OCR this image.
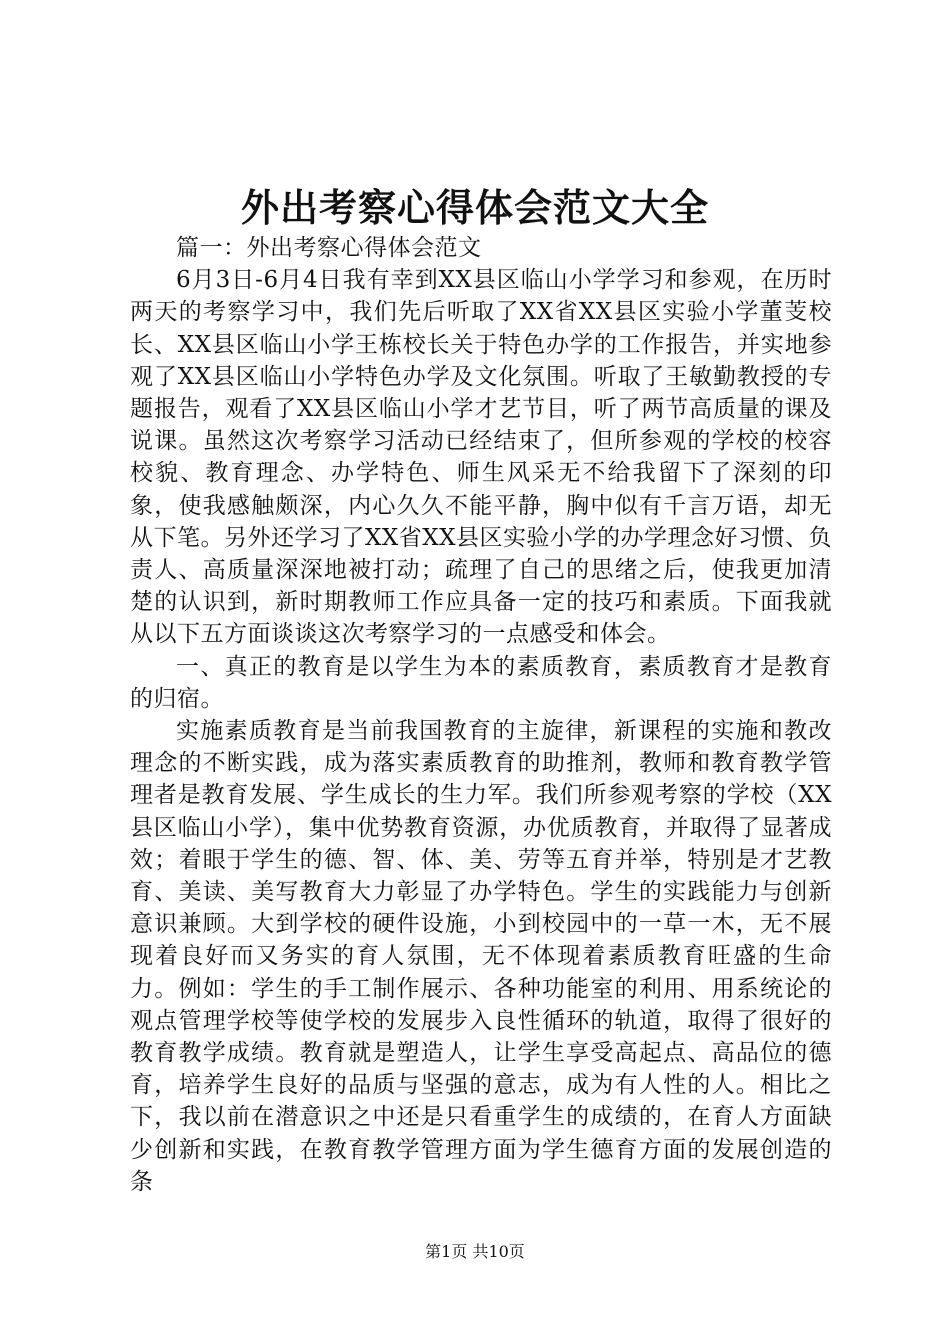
外出考察心得体会范文大全

篇一：外出考察心得体会范文

6月3日-6月4日我有幸到XX县区临山小学学习和参观，在历时两天的考察学习中，我们先后听取了XX省XX县区实验小学董芰校长、XX县区临山小学王栋校长关于特色办学的工作报告，并实地参观了XX县区临山小学特色办学及文化氛围。听取了王敏勤教授的专题报告，观看了XX县区临山小学才艺节目，听了两节高质量的课及说课。虽然这次考察学习活动已经结束了，但所参观的学校的校容校貌、教育理念、办学特色、师生风采无不给我留下了深刻的印象，使我感触颇深，内心久久不能平静，胸中似有千言万语，却无从下笔。另外还学习了XX省XX县区实验小学的办学理念好习惯、负责人、高质量深深地被打动；疏理了自己的思绪之后，使我更加清楚的认识到，新时期教师工作应具备一定的技巧和素质。下面我就从以下五方面谈谈这次考察学习的一点感受和体会。

一、真正的教育是以学生为本的素质教育，素质教育才是教育的归宿。

实施素质教育是当前我国教育的主旋律，新课程的实施和教改理念的不断实践，成为落实素质教育的助推剂，教师和教育教学管理者是教育发展、学生成长的生力军。我们所参观考察的学校（XX县区临山小学），集中优势教育资源，办优质教育，并取得了显著成效；着眼于学生的德、智、体、美、劳等五育并举，特别是才艺教育、美读、美写教育大力彰显了办学特色。学生的实践能力与创新意识兼顾。大到学校的硬件设施，小到校园中的一草一木，无不展现着良好而又务实的育人氛围，无不体现着素质教育旺盛的生命力。例如：学生的手工制作展示、各种功能室的利用、用系统论的观点管理学校等使学校的发展步入良性循环的轨道，取得了很好的教育教学成绩。教育就是塑造人，让学生享受高起点、高品位的德育，培养学生良好的品质与坚强的意志，成为有人性的人。相比之下，我以前在潜意识之中还是只看重学生的成绩的，在育人方面缺少创新和实践，在教育教学管理方面为学生德育方面的发展创造的条

第1页 共10页
